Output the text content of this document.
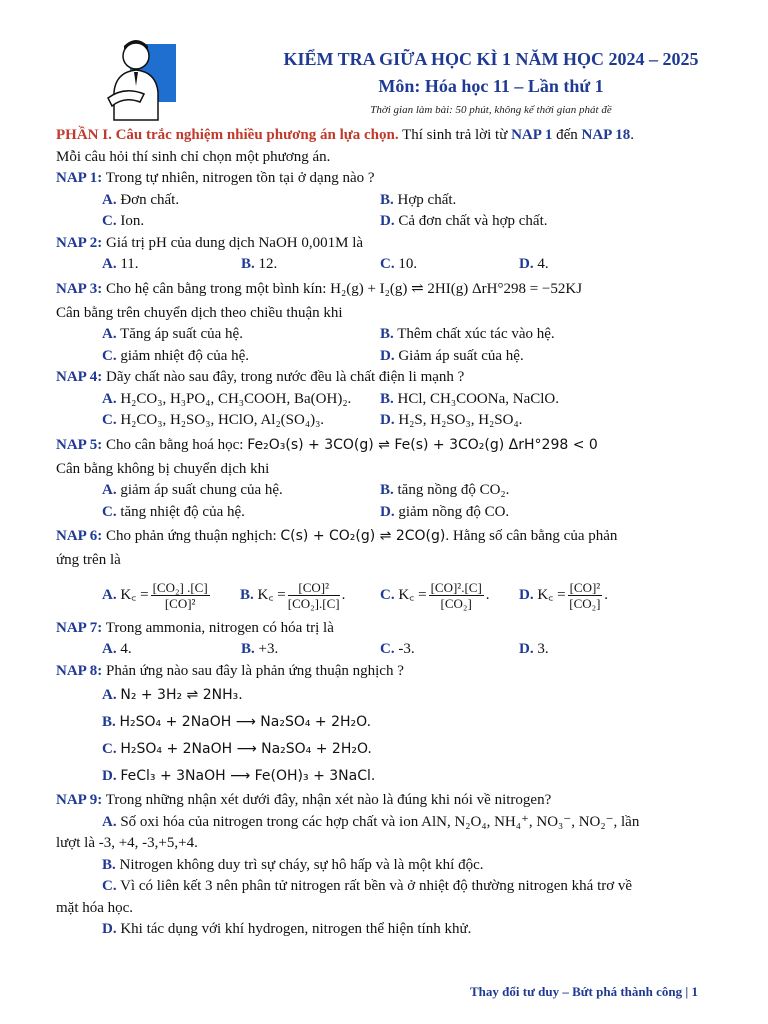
KIỂM TRA GIỮA HỌC KÌ 1 NĂM HỌC 2024 – 2025
Môn: Hóa học 11 – Lần thứ 1
Thời gian làm bài: 50 phút, không kể thời gian phát đề
PHẦN I. Câu trắc nghiệm nhiều phương án lựa chọn. Thí sinh trả lời từ NAP 1 đến NAP 18.
Mỗi câu hỏi thí sinh chỉ chọn một phương án.
NAP 1: Trong tự nhiên, nitrogen tồn tại ở dạng nào ?
A. Đơn chất.	B. Hợp chất.
C. Ion.	D. Cả đơn chất và hợp chất.
NAP 2: Giá trị pH của dung dịch NaOH 0,001M là
A. 11.	B. 12.	C. 10.	D. 4.
NAP 3: Cho hệ cân bằng trong một bình kín: H₂(g) + I₂(g) ⇌ 2HI(g) ΔrH°298 = −52KJ
Cân bằng trên chuyển dịch theo chiều thuận khi
A. Tăng áp suất của hệ.	B. Thêm chất xúc tác vào hệ.
C. giảm nhiệt độ của hệ.	D. Giảm áp suất của hệ.
NAP 4: Dãy chất nào sau đây, trong nước đều là chất điện li mạnh ?
A. H₂CO₃, H₃PO₄, CH₃COOH, Ba(OH)₂. B. HCl, CH₃COONa, NaClO.
C. H₂CO₃, H₂SO₃, HClO, Al₂(SO₄)₃.	D. H₂S, H₂SO₃, H₂SO₄.
NAP 5: Cho cân bằng hoá học: Fe₂O₃(s) + 3CO(g) ⇌ Fe(s) + 3CO₂(g) ΔrH°298 < 0
Cân bằng không bị chuyển dịch khi
A. giảm áp suất chung của hệ.	B. tăng nồng độ CO₂.
C. tăng nhiệt độ của hệ.	D. giảm nồng độ CO.
NAP 6: Cho phản ứng thuận nghịch: C(s) + CO₂(g) ⇌ 2CO(g). Hằng số cân bằng của phản
ứng trên là
A. K꜀ = $\frac{\text{[CO₂] .[C]}}{\text{[CO]²}} B$. K꜀ = $\frac{\text{[CO]²}}{\text{[CO₂].[C]}}$ . C. K꜀ = $\frac{\text{[CO]².[C]}}{\text{[CO₂]}}$ . D. K꜀ = $\frac{\text{[CO]²}}{\text{[CO₂]}}$ .
NAP 7: Trong ammonia, nitrogen có hóa trị là
A. 4.	B. +3.	C. -3.	D. 3.
NAP 8: Phản ứng nào sau đây là phản ứng thuận nghịch ?
A. N₂ + 3H₂ ⇌ 2NH₃.
B. H₂SO₄ + 2NaOH ⟶ Na₂SO₄ + 2H₂O.
C. H₂SO₄ + 2NaOH ⟶ Na₂SO₄ + 2H₂O.
D. FeCl₃ + 3NaOH ⟶ Fe(OH)₃ + 3NaCl.
NAP 9: Trong những nhận xét dưới đây, nhận xét nào là đúng khi nói về nitrogen?
A. Số oxi hóa của nitrogen trong các hợp chất và ion AlN, N₂O₄, NH₄⁺, NO₃⁻, NO₂⁻, lần
lượt là -3, +4, -3,+5,+4.
B. Nitrogen không duy trì sự cháy, sự hô hấp và là một khí độc.
C. Vì có liên kết 3 nên phân tử nitrogen rất bền và ở nhiệt độ thường nitrogen khá trơ về
mặt hóa học.
D. Khi tác dụng với khí hydrogen, nitrogen thể hiện tính khử.
Thay đổi tư duy – Bứt phá thành công | 1
